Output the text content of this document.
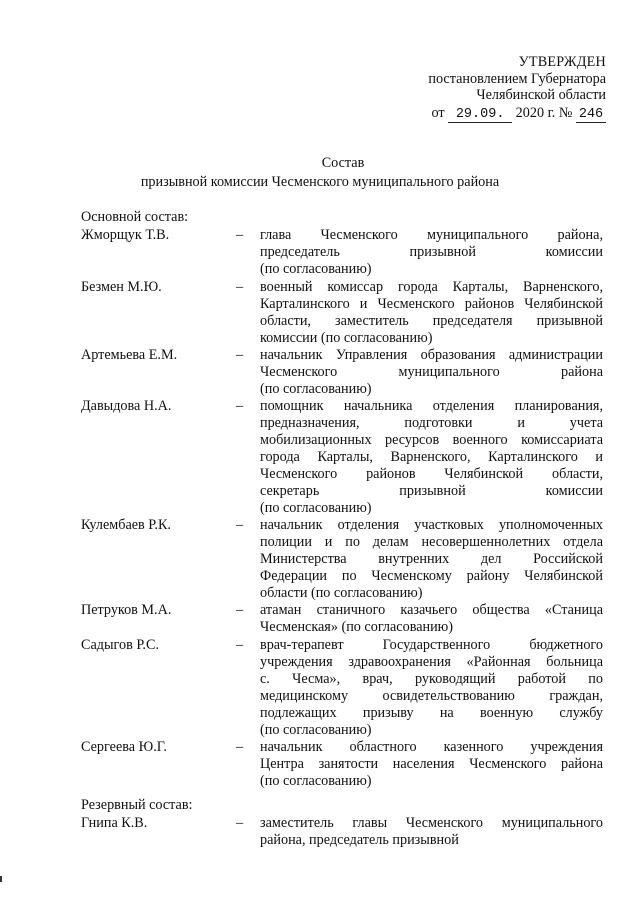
УТВЕРЖДЕН
постановлением Губернатора
Челябинской области
от 29.09. 2020 г. № 246
Состав
призывной комиссии Чесменского муниципального района
Основной состав:
Резервный состав:
Жморщук Т.В.	– глава Чесменского муниципального района,
председатель призывной комиссии
(по согласованию)
Безмен М.Ю.	– военный комиссар города Карталы, Варненского,
Карталинского и Чесменского районов Челябинской
области, заместитель председателя призывной
комиссии (по согласованию)
Артемьева Е.М.	– начальник Управления образования администрации
Чесменского муниципального района
(по согласованию)
Давыдова Н.А.	– помощник начальника отделения планирования,
предназначения, подготовки и учета
мобилизационных ресурсов военного комиссариата
города Карталы, Варненского, Карталинского и
Чесменского районов Челябинской области,
секретарь призывной комиссии
(по согласованию)
Кулембаев Р.К.	– начальник отделения участковых уполномоченных
полиции и по делам несовершеннолетних отдела
Министерства внутренних дел Российской
Федерации по Чесменскому району Челябинской
области (по согласованию)
Петруков М.А.	– атаман станичного казачьего общества «Станица
Чесменская» (по согласованию)
Садыгов Р.С.	– врач-терапевт Государственного бюджетного
учреждения здравоохранения «Районная больница
с. Чесма», врач, руководящий работой по
медицинскому освидетельствованию граждан,
подлежащих призыву на военную службу
(по согласованию)
Сергеева Ю.Г.	– начальник областного казенного учреждения
Центра занятости населения Чесменского района
(по согласованию)
Гнипа К.В.	– заместитель главы Чесменского муниципального
района, председатель призывной
